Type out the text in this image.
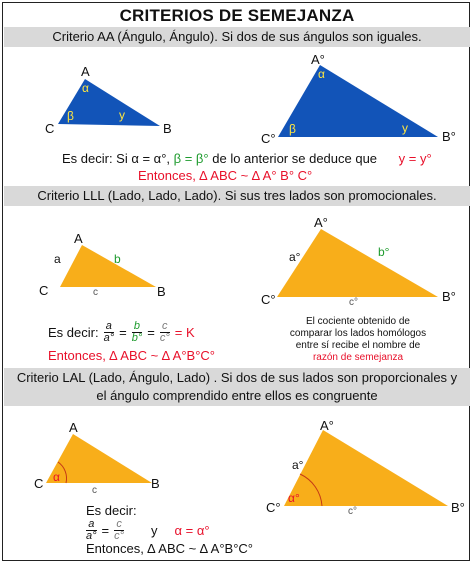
CRITERIOS DE SEMEJANZA
Criterio AA (Ángulo, Ángulo). Si dos de sus ángulos son iguales.
A
C	B
α
β	y
A°
C°	B°
α
β	y
Es decir: Si α = α°, β = β° de lo anterior se deduce que y = y°
Entonces, ∆ ABC ~ ∆ A° B° C°
Criterio LLL (Lado, Lado, Lado). Si sus tres lados son promocionales.
A
C	B
a	b
c
A°
C°	B°
a°	b°
c°
Es decir: $\frac{a}{a^\circ} = \frac{b}{b^\circ} = \frac{c}{c^\circ} = K$
Entonces, ∆ ABC ~ ∆ A°B°C°
El cociente obtenido de
comparar los lados homólogos
entre sí recibe el nombre de
razón de semejanza
Criterio LAL (Lado, Ángulo, Lado) . Si dos de sus lados son proporcionales y el ángulo comprendido entre ellos es congruente
A
C	B
α
c
A°
C°	B°
a°
α°
c°
Es decir:
$\frac{a}{a^\circ} = \frac{c}{c^\circ}$ y α = α°
Entonces, ∆ ABC ~ ∆ A°B°C°
